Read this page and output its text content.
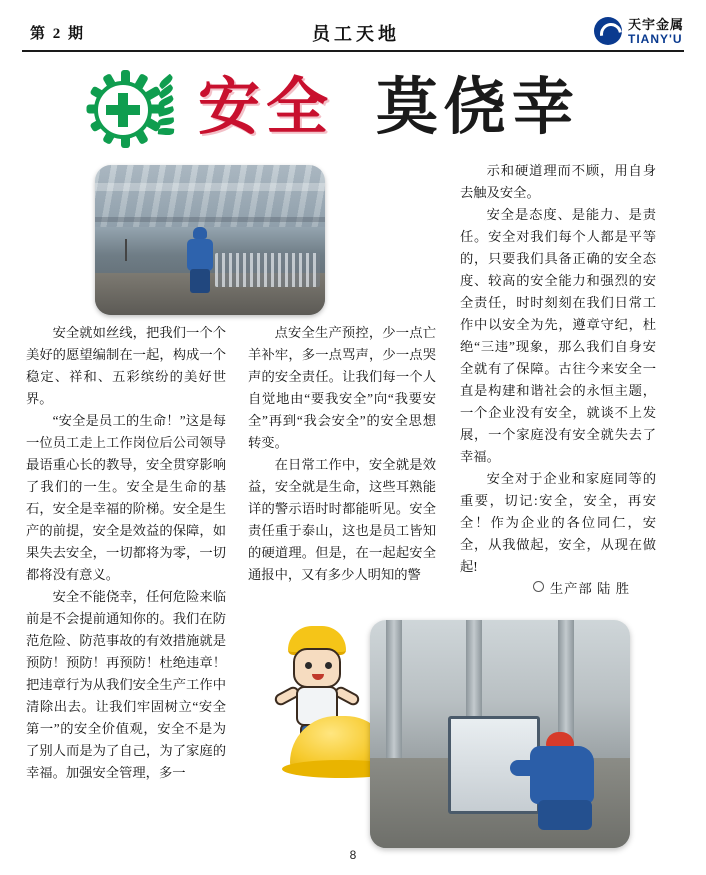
第 2 期	员工天地	天宇金属
TIANY'U
安全 莫侥幸

安全就如丝线，把我们一个个美好的愿望编制在一起，构成一个稳定、祥和、五彩缤纷的美好世界。

“安全是员工的生命！”这是每一位员工走上工作岗位后公司领导最语重心长的教导，安全贯穿影响了我们的一生。安全是生命的基石，安全是幸福的阶梯。安全是生产的前提，安全是效益的保障，如果失去安全，一切都将为零，一切都将没有意义。

安全不能侥幸，任何危险来临前是不会提前通知你的。我们在防范危险、防范事故的有效措施就是预防！预防！再预防！杜绝违章！把违章行为从我们安全生产工作中清除出去。让我们牢固树立“安全第一”的安全价值观，安全不是为了别人而是为了自己，为了家庭的幸福。加强安全管理，多一

点安全生产预控，少一点亡羊补牢，多一点骂声，少一点哭声的安全责任。让我们每一个人自觉地由“要我安全”向“我要安全”再到“我会安全”的安全思想转变。

在日常工作中，安全就是效益，安全就是生命，这些耳熟能详的警示语时时都能听见。安全责任重于泰山，这也是员工皆知的硬道理。但是，在一起起安全通报中，又有多少人明知的警

示和硬道理而不顾，用自身去触及安全。

安全是态度、是能力、是责任。安全对我们每个人都是平等的，只要我们具备正确的安全态度、较高的安全能力和强烈的安全责任，时时刻刻在我们日常工作中以安全为先，遵章守纪，杜绝“三违”现象，那么我们自身安全就有了保障。古往今来安全一直是构建和谐社会的永恒主题，一个企业没有安全，就谈不上发展，一个家庭没有安全就失去了幸福。

安全对于企业和家庭同等的重要，切记:安全，安全，再安全！作为企业的各位同仁，安全，从我做起，安全，从现在做起!

生产部 陆 胜

8
